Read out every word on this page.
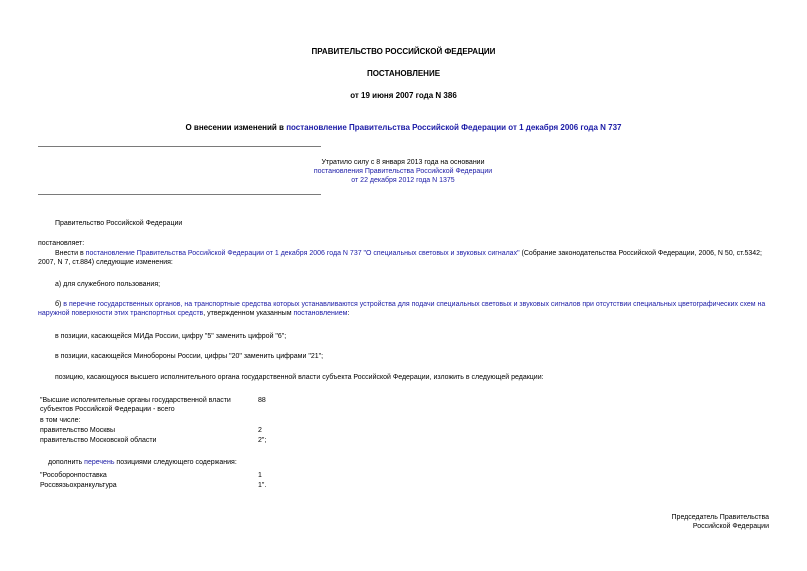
ПРАВИТЕЛЬСТВО РОССИЙСКОЙ ФЕДЕРАЦИИ
ПОСТАНОВЛЕНИЕ
от 19 июня 2007 года N 386
О внесении изменений в постановление Правительства Российской Федерации от 1 декабря 2006 года N 737
Утратило силу с 8 января 2013 года на основании
постановления Правительства Российской Федерации
от 22 декабря 2012 года N 1375
Правительство Российской Федерации
постановляет:
Внести в постановление Правительства Российской Федерации от 1 декабря 2006 года N 737 "О специальных световых и звуковых сигналах" (Собрание законодательства Российской Федерации, 2006, N 50, ст.5342; 2007, N 7, ст.884) следующие изменения:
а) для служебного пользования;
б) в перечне государственных органов, на транспортные средства которых устанавливаются устройства для подачи специальных световых и звуковых сигналов при отсутствии специальных цветографических схем на наружной поверхности этих транспортных средств, утвержденном указанным постановлением:
в позиции, касающейся МИДа России, цифру "5" заменить цифрой "6";
в позиции, касающейся Минобороны России, цифры "20" заменить цифрами "21";
позицию, касающуюся высшего исполнительного органа государственной власти субъекта Российской Федерации, изложить в следующей редакции:
"Высшие исполнительные органы государственной власти	88
субъектов Российской Федерации - всего
в том числе:
правительство Москвы	2
правительство Московской области	2";
дополнить перечень позициями следующего содержания:
"Рособоронпоставка	1
Россвязьохранкультура	1".
Председатель Правительства
Российской Федерации
